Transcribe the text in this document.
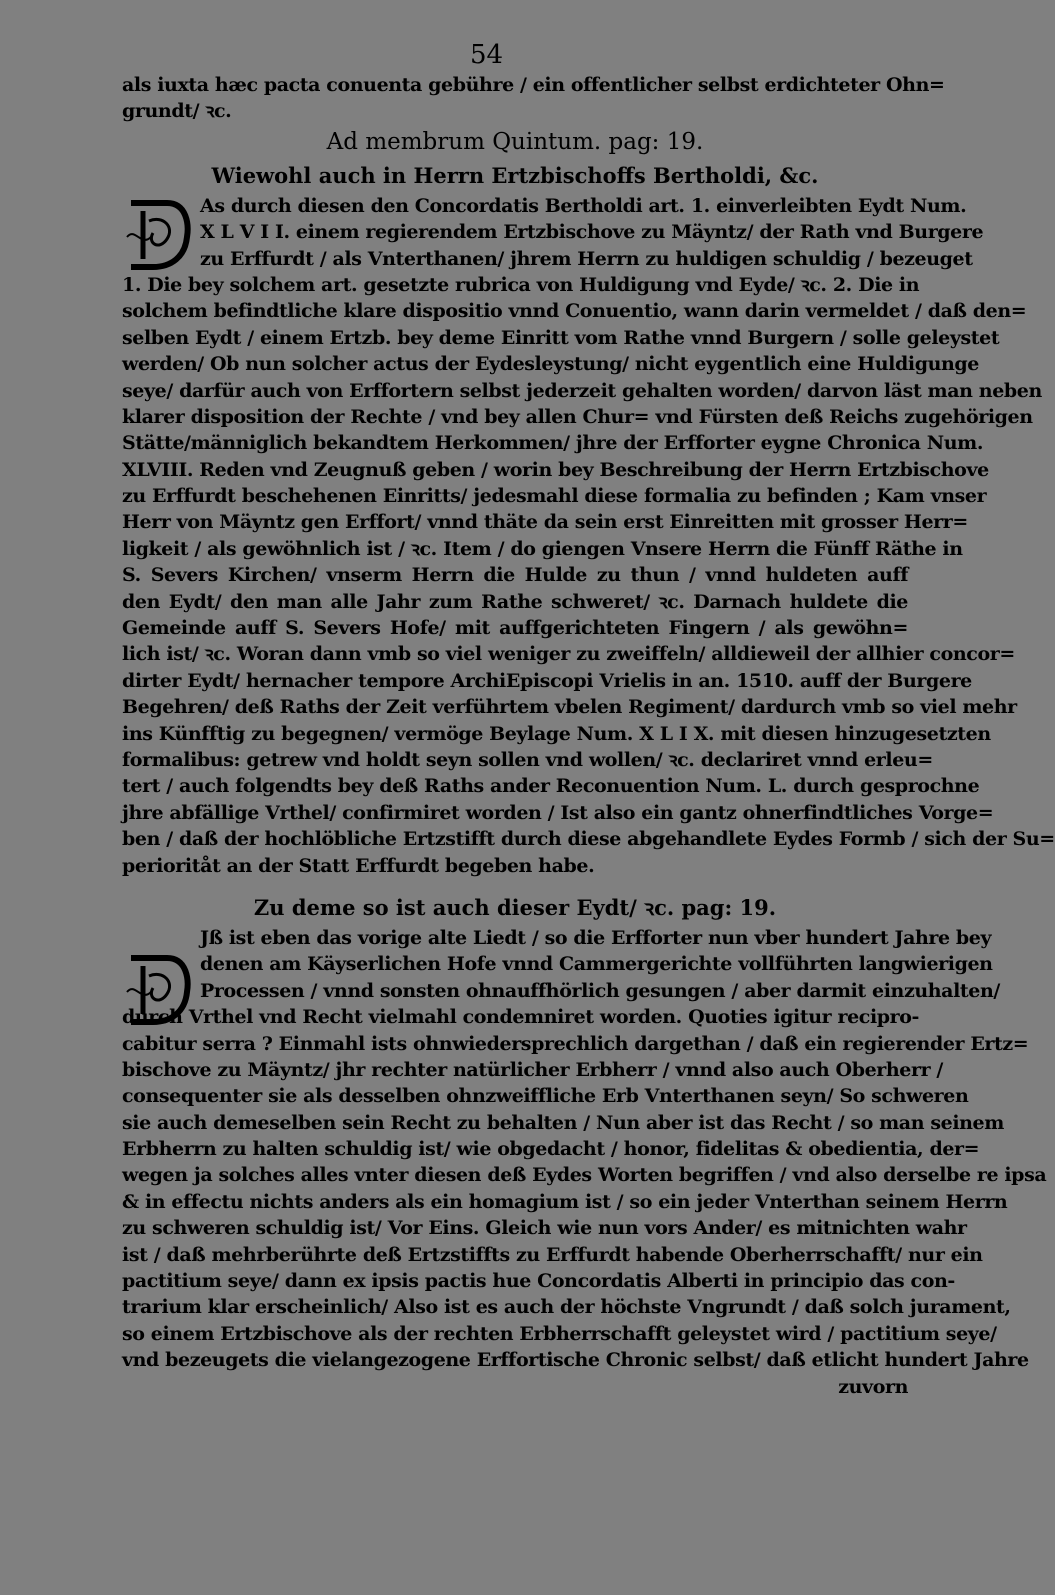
54
als iuxta hæc pacta conuenta gebühre / ein offentlicher selbst erdichteter Ohn=
grundt/ ꝛc.
Ad membrum Quintum. pag: 19.
Wiewohl auch in Herrn Ertzbischoffs Bertholdi, &c.
As durch diesen den Concordatis Bertholdi art. 1. einverleibten Eydt Num.
X L V I I. einem regierendem Ertzbischove zu Mäyntz/ der Rath vnd Burgere
zu Erffurdt / als Vnterthanen/ jhrem Herrn zu huldigen schuldig / bezeuget
1. Die bey solchem art. gesetzte rubrica von Huldigung vnd Eyde/ ꝛc. 2. Die in
solchem befindtliche klare dispositio vnnd Conuentio, wann darin vermeldet / daß den=
selben Eydt / einem Ertzb. bey deme Einritt vom Rathe vnnd Burgern / solle geleystet
werden/ Ob nun solcher actus der Eydesleystung/ nicht eygentlich eine Huldigunge
seye/ darfür auch von Erffortern selbst jederzeit gehalten worden/ darvon läst man neben
klarer disposition der Rechte / vnd bey allen Chur= vnd Fürsten deß Reichs zugehörigen
Stätte/männiglich bekandtem Herkommen/ jhre der Erfforter eygne Chronica Num.
XLVIII. Reden vnd Zeugnuß geben / worin bey Beschreibung der Herrn Ertzbischove
zu Erffurdt beschehenen Einritts/ jedesmahl diese formalia zu befinden ; Kam vnser
Herr von Mäyntz gen Erffort/ vnnd thäte da sein erst Einreitten mit grosser Herr=
ligkeit / als gewöhnlich ist / ꝛc. Item / do giengen Vnsere Herrn die Fünff Räthe in
S. Severs Kirchen/ vnserm Herrn die Hulde zu thun / vnnd huldeten auff
den Eydt/ den man alle Jahr zum Rathe schweret/ ꝛc. Darnach huldete die
Gemeinde auff S. Severs Hofe/ mit auffgerichteten Fingern / als gewöhn=
lich ist/ ꝛc. Woran dann vmb so viel weniger zu zweiffeln/ alldieweil der allhier concor=
dirter Eydt/ hernacher tempore ArchiEpiscopi Vrielis in an. 1510. auff der Burgere
Begehren/ deß Raths der Zeit verführtem vbelen Regiment/ dardurch vmb so viel mehr
ins Künfftig zu begegnen/ vermöge Beylage Num. X L I X. mit diesen hinzugesetzten
formalibus: getrew vnd holdt seyn sollen vnd wollen/ ꝛc. declariret vnnd erleu=
tert / auch folgendts bey deß Raths ander Reconuention Num. L. durch gesprochne
jhre abfällige Vrthel/ confirmiret worden / Ist also ein gantz ohnerfindtliches Vorge=
ben / daß der hochlöbliche Ertzstifft durch diese abgehandlete Eydes Formb / sich der Su=
perioritåt an der Statt Erffurdt begeben habe.
Zu deme so ist auch dieser Eydt/ ꝛc. pag: 19.
Jß ist eben das vorige alte Liedt / so die Erfforter nun vber hundert Jahre bey
denen am Käyserlichen Hofe vnnd Cammergerichte vollführten langwierigen
Processen / vnnd sonsten ohnauffhörlich gesungen / aber darmit einzuhalten/
durch Vrthel vnd Recht vielmahl condemniret worden. Quoties igitur recipro-
cabitur serra ? Einmahl ists ohnwiedersprechlich dargethan / daß ein regierender Ertz=
bischove zu Mäyntz/ jhr rechter natürlicher Erbherr / vnnd also auch Oberherr /
consequenter sie als desselben ohnzweiffliche Erb Vnterthanen seyn/ So schweren
sie auch demeselben sein Recht zu behalten / Nun aber ist das Recht / so man seinem
Erbherrn zu halten schuldig ist/ wie obgedacht / honor, fidelitas & obedientia, der=
wegen ja solches alles vnter diesen deß Eydes Worten begriffen / vnd also derselbe re ipsa
& in effectu nichts anders als ein homagium ist / so ein jeder Vnterthan seinem Herrn
zu schweren schuldig ist/ Vor Eins. Gleich wie nun vors Ander/ es mitnichten wahr
ist / daß mehrberührte deß Ertzstiffts zu Erffurdt habende Oberherrschafft/ nur ein
pactitium seye/ dann ex ipsis pactis hue Concordatis Alberti in principio das con-
trarium klar erscheinlich/ Also ist es auch der höchste Vngrundt / daß solch jurament,
so einem Ertzbischove als der rechten Erbherrschafft geleystet wird / pactitium seye/
vnd bezeugets die vielangezogene Erffortische Chronic selbst/ daß etlicht hundert Jahre
zuvorn
